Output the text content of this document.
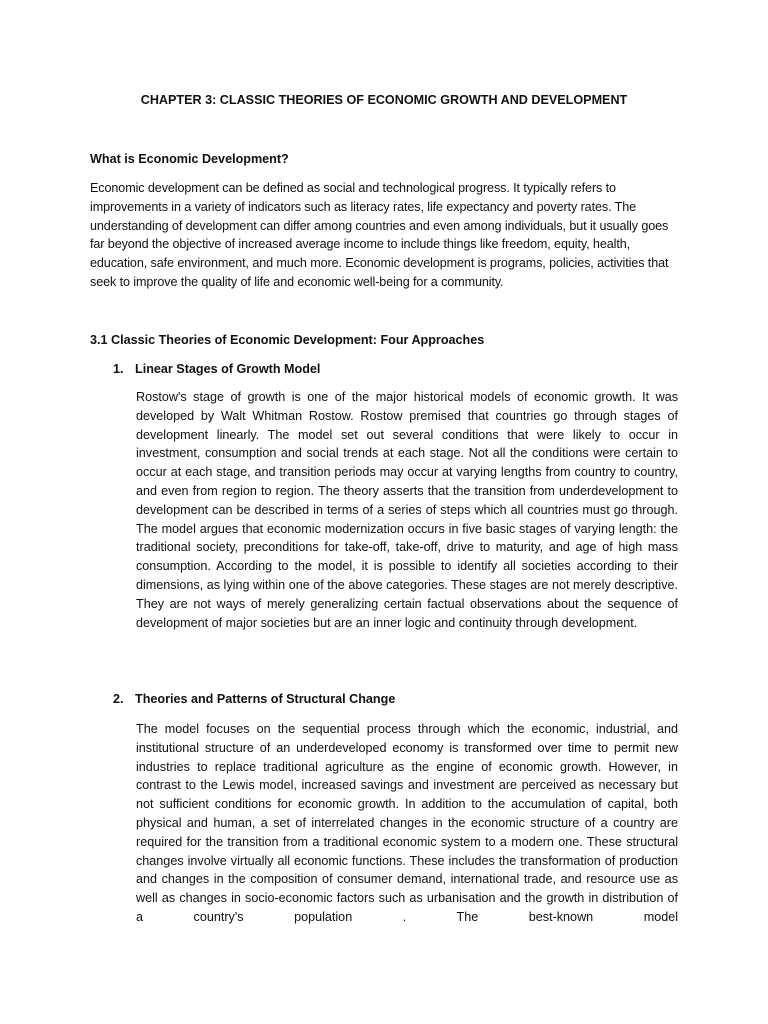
CHAPTER 3: CLASSIC THEORIES OF ECONOMIC GROWTH AND DEVELOPMENT
What is Economic Development?

Economic development can be defined as social and technological progress. It typically refers to improvements in a variety of indicators such as literacy rates, life expectancy and poverty rates. The understanding of development can differ among countries and even among individuals, but it usually goes far beyond the objective of increased average income to include things like freedom, equity, health, education, safe environment, and much more. Economic development is programs, policies, activities that seek to improve the quality of life and economic well-being for a community.

3.1 Classic Theories of Economic Development: Four Approaches
1. Linear Stages of Growth Model

Rostow's stage of growth is one of the major historical models of economic growth. It was developed by Walt Whitman Rostow. Rostow premised that countries go through stages of development linearly. The model set out several conditions that were likely to occur in investment, consumption and social trends at each stage. Not all the conditions were certain to occur at each stage, and transition periods may occur at varying lengths from country to country, and even from region to region. The theory asserts that the transition from underdevelopment to development can be described in terms of a series of steps which all countries must go through. The model argues that economic modernization occurs in five basic stages of varying length: the traditional society, preconditions for take-off, take-off, drive to maturity, and age of high mass consumption. According to the model, it is possible to identify all societies according to their dimensions, as lying within one of the above categories. These stages are not merely descriptive. They are not ways of merely generalizing certain factual observations about the sequence of development of major societies but are an inner logic and continuity through development.

2. Theories and Patterns of Structural Change

The model focuses on the sequential process through which the economic, industrial, and institutional structure of an underdeveloped economy is transformed over time to permit new industries to replace traditional agriculture as the engine of economic growth. However, in contrast to the Lewis model, increased savings and investment are perceived as necessary but not sufficient conditions for economic growth. In addition to the accumulation of capital, both physical and human, a set of interrelated changes in the economic structure of a country are required for the transition from a traditional economic system to a modern one. These structural changes involve virtually all economic functions. These includes the transformation of production and changes in the composition of consumer demand, international trade, and resource use as well as changes in socio-economic factors such as urbanisation and the growth in distribution of a country's population . The best-known model
